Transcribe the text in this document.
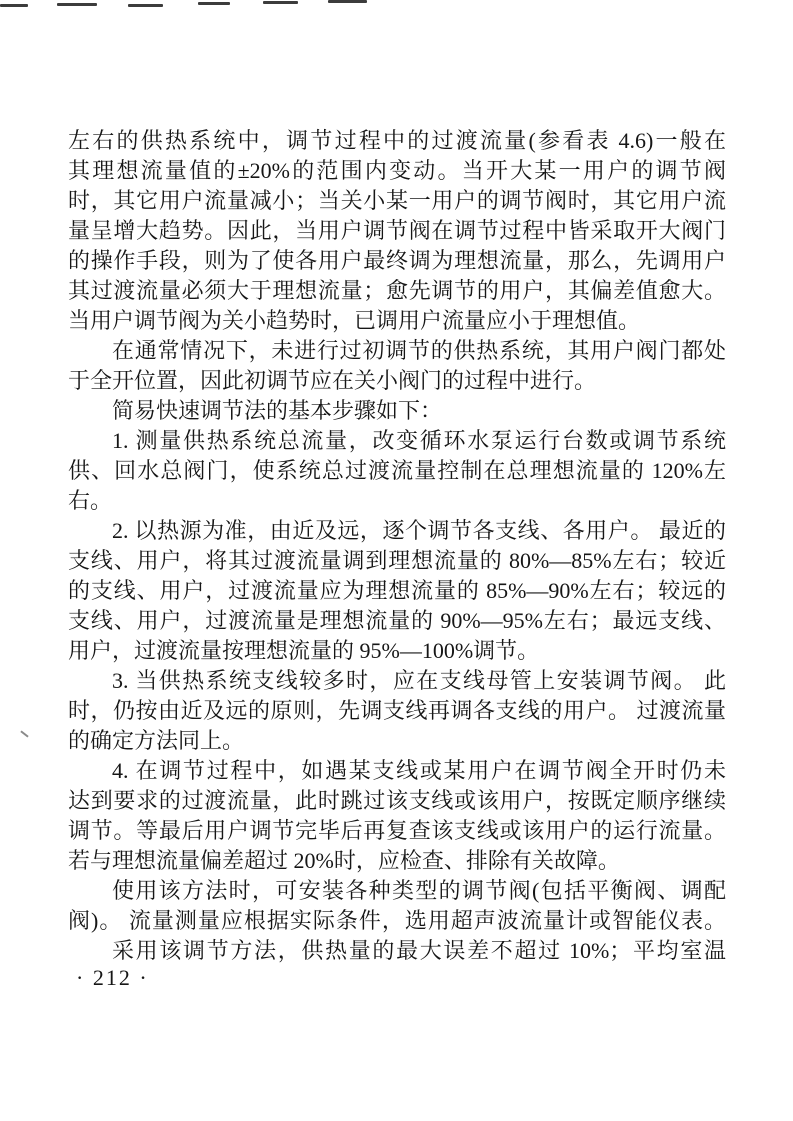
左右的供热系统中，调节过程中的过渡流量(参看表 4.6)一般在
其理想流量值的±20%的范围内变动。当开大某一用户的调节阀
时，其它用户流量减小；当关小某一用户的调节阀时，其它用户流
量呈增大趋势。因此，当用户调节阀在调节过程中皆采取开大阀门
的操作手段，则为了使各用户最终调为理想流量，那么，先调用户
其过渡流量必须大于理想流量；愈先调节的用户，其偏差值愈大。
当用户调节阀为关小趋势时，已调用户流量应小于理想值。
在通常情况下，未进行过初调节的供热系统，其用户阀门都处
于全开位置，因此初调节应在关小阀门的过程中进行。
简易快速调节法的基本步骤如下：
1. 测量供热系统总流量，改变循环水泵运行台数或调节系统
供、回水总阀门，使系统总过渡流量控制在总理想流量的 120%左
右。
2. 以热源为准，由近及远，逐个调节各支线、各用户。 最近的
支线、用户，将其过渡流量调到理想流量的 80%—85%左右；较近
的支线、用户，过渡流量应为理想流量的 85%—90%左右；较远的
支线、用户，过渡流量是理想流量的 90%—95%左右；最远支线、
用户，过渡流量按理想流量的 95%—100%调节。
3. 当供热系统支线较多时，应在支线母管上安装调节阀。 此
时，仍按由近及远的原则，先调支线再调各支线的用户。 过渡流量
的确定方法同上。
4. 在调节过程中，如遇某支线或某用户在调节阀全开时仍未
达到要求的过渡流量，此时跳过该支线或该用户，按既定顺序继续
调节。等最后用户调节完毕后再复查该支线或该用户的运行流量。
若与理想流量偏差超过 20%时，应检查、排除有关故障。
使用该方法时，可安装各种类型的调节阀(包括平衡阀、调配
阀)。 流量测量应根据实际条件，选用超声波流量计或智能仪表。
采用该调节方法，供热量的最大误差不超过 10%；平均室温
· 212 ·
